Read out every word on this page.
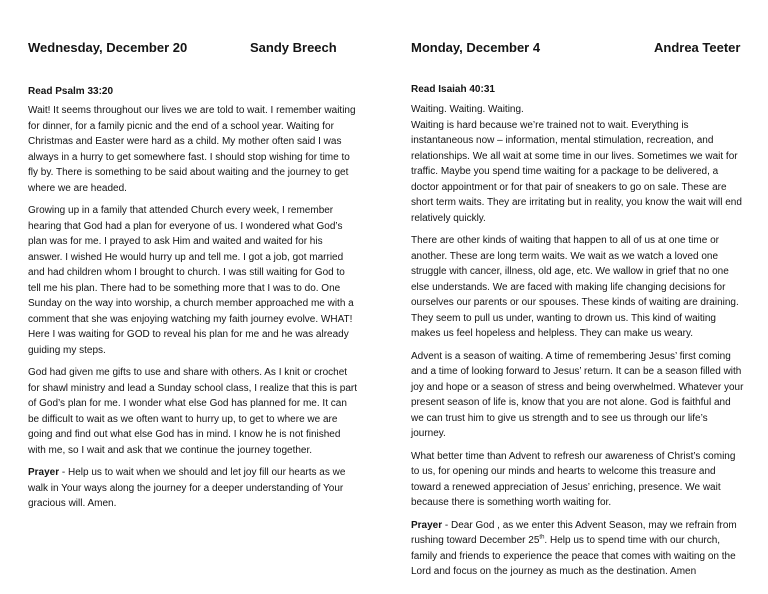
Wednesday, December 20	Sandy Breech
Read Psalm 33:20

Wait! It seems throughout our lives we are told to wait. I remember waiting for dinner, for a family picnic and the end of a school year. Waiting for Christmas and Easter were hard as a child. My mother often said I was always in a hurry to get somewhere fast. I should stop wishing for time to fly by. There is something to be said about waiting and the journey to get where we are headed.

Growing up in a family that attended Church every week, I remember hearing that God had a plan for everyone of us. I wondered what God’s plan was for me. I prayed to ask Him and waited and waited for his answer. I wished He would hurry up and tell me. I got a job, got married and had children whom I brought to church. I was still waiting for God to tell me his plan. There had to be something more that I was to do. One Sunday on the way into worship, a church member approached me with a comment that she was enjoying watching my faith journey evolve. WHAT! Here I was waiting for GOD to reveal his plan for me and he was already guiding my steps.

God had given me gifts to use and share with others. As I knit or crochet for shawl ministry and lead a Sunday school class, I realize that this is part of God’s plan for me. I wonder what else God has planned for me. It can be difficult to wait as we often want to hurry up, to get to where we are going and find out what else God has in mind. I know he is not finished with me, so I wait and ask that we continue the journey together.

Prayer - Help us to wait when we should and let joy fill our hearts as we walk in Your ways along the journey for a deeper understanding of Your gracious will. Amen.

Monday, December 4	Andrea Teeter
Read Isaiah 40:31

Waiting. Waiting. Waiting.

Waiting is hard because we’re trained not to wait. Everything is instantaneous now – information, mental stimulation, recreation, and relationships. We all wait at some time in our lives. Sometimes we wait for traffic. Maybe you spend time waiting for a package to be delivered, a doctor appointment or for that pair of sneakers to go on sale. These are short term waits. They are irritating but in reality, you know the wait will end relatively quickly.

There are other kinds of waiting that happen to all of us at one time or another. These are long term waits. We wait as we watch a loved one struggle with cancer, illness, old age, etc. We wallow in grief that no one else understands. We are faced with making life changing decisions for ourselves our parents or our spouses. These kinds of waiting are draining. They seem to pull us under, wanting to drown us. This kind of waiting makes us feel hopeless and helpless. They can make us weary.

Advent is a season of waiting. A time of remembering Jesus’ first coming and a time of looking forward to Jesus’ return. It can be a season filled with joy and hope or a season of stress and being overwhelmed. Whatever your present season of life is, know that you are not alone. God is faithful and we can trust him to give us strength and to see us through our life’s journey.

What better time than Advent to refresh our awareness of Christ’s coming to us, for opening our minds and hearts to welcome this treasure and toward a renewed appreciation of Jesus’ enriching, presence. We wait because there is something worth waiting for.

Prayer - Dear God , as we enter this Advent Season, may we refrain from rushing toward December 25th. Help us to spend time with our church, family and friends to experience the peace that comes with waiting on the Lord and focus on the journey as much as the destination. Amen
